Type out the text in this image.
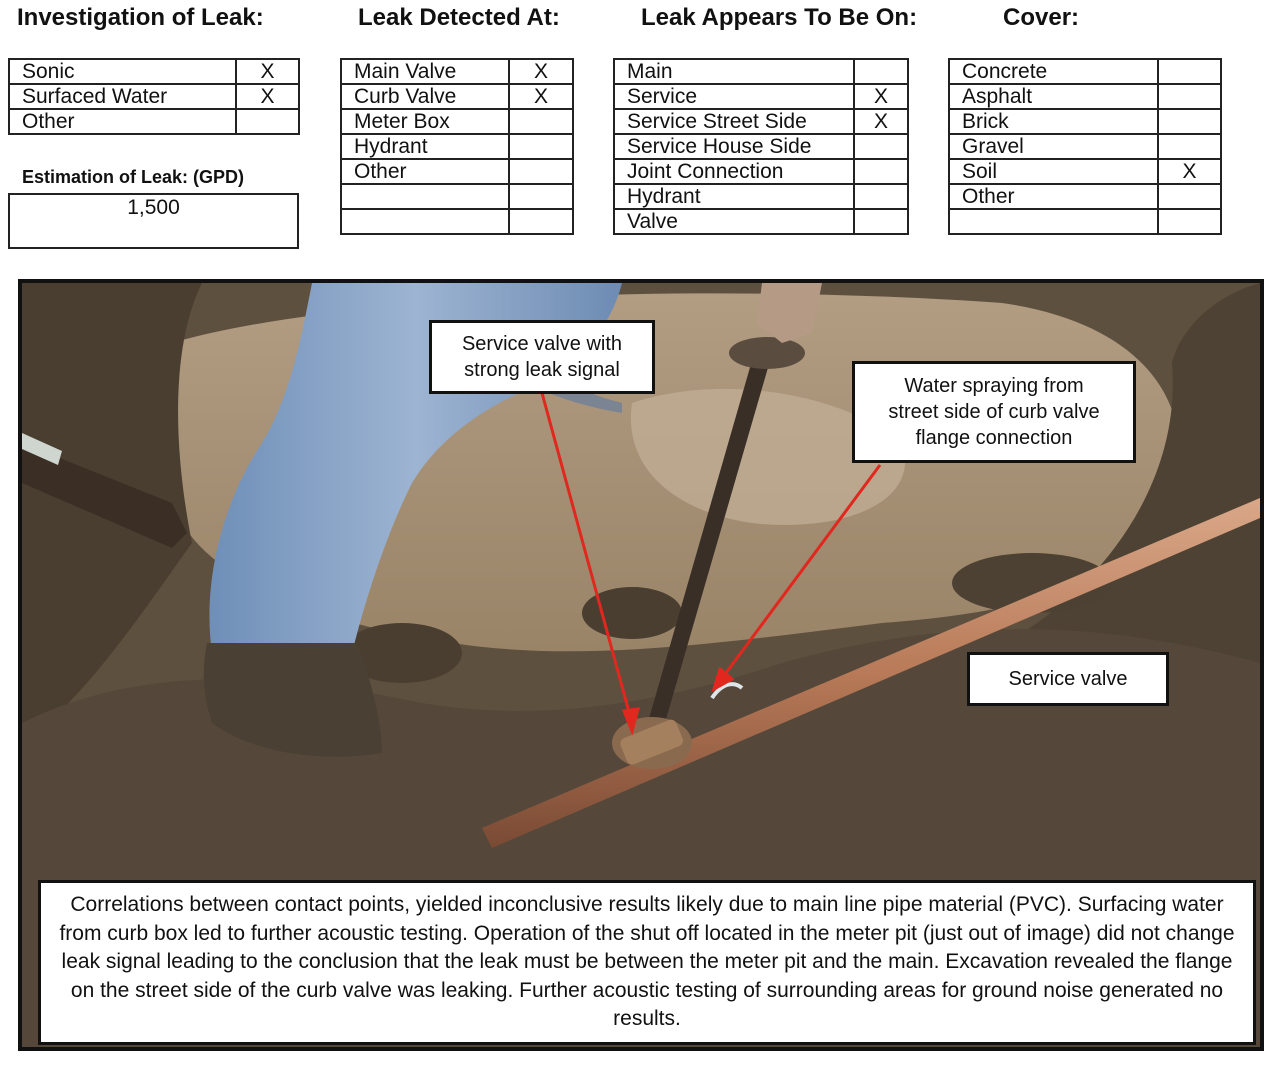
Investigation of Leak:	Leak Detected At:	Leak Appears To Be On:	Cover:
Sonic	X
Surfaced Water	X
Other	
Estimation of Leak: (GPD)
1,500
Main Valve	X
Curb Valve	X
Meter Box	
Hydrant	
Other	

Main	
Service	X
Service Street Side	X
Service House Side	
Joint Connection	
Hydrant	
Valve	
Concrete	
Asphalt	
Brick	
Gravel	
Soil	X
Other	

Service valve with
strong leak signal
Water spraying from
street side of curb valve
flange connection
Service valve
Correlations between contact points, yielded inconclusive results likely due to main line pipe material (PVC). Surfacing water from curb box led to further acoustic testing. Operation of the shut off located in the meter pit (just out of image) did not change leak signal leading to the conclusion that the leak must be between the meter pit and the main. Excavation revealed the flange on the street side of the curb valve was leaking. Further acoustic testing of surrounding areas for ground noise generated no results.
